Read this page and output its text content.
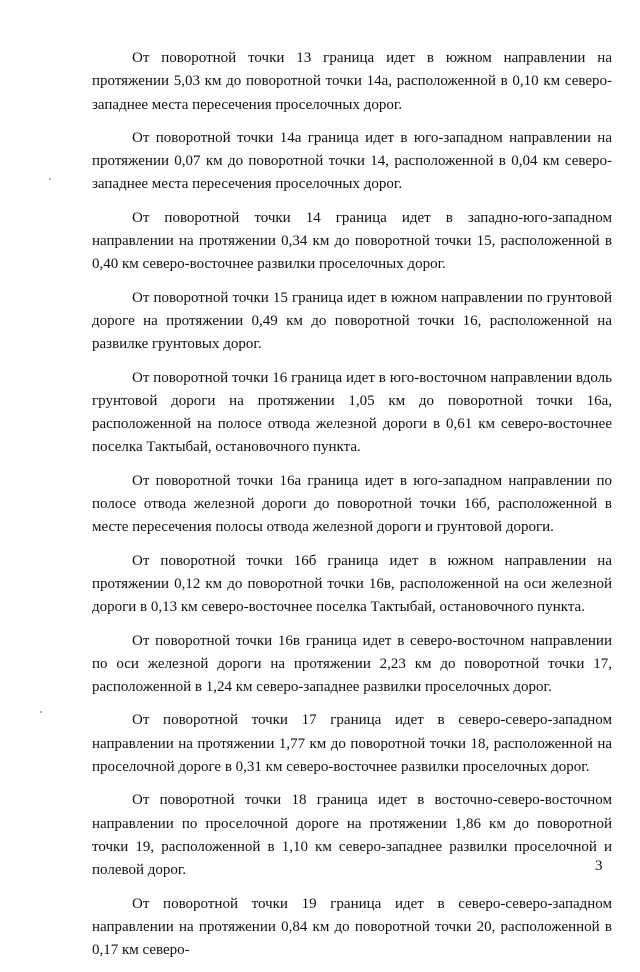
От поворотной точки 13 граница идет в южном направлении на протяжении 5,03 км до поворотной точки 14а, расположенной в 0,10 км северо-западнее места пересечения проселочных дорог.

От поворотной точки 14а граница идет в юго-западном направлении на протяжении 0,07 км до поворотной точки 14, расположенной в 0,04 км северо-западнее места пересечения проселочных дорог.

От поворотной точки 14 граница идет в западно-юго-западном направлении на протяжении 0,34 км до поворотной точки 15, расположенной в 0,40 км северо-восточнее развилки проселочных дорог.

От поворотной точки 15 граница идет в южном направлении по грунтовой дороге на протяжении 0,49 км до поворотной точки 16, расположенной на развилке грунтовых дорог.

От поворотной точки 16 граница идет в юго-восточном направлении вдоль грунтовой дороги на протяжении 1,05 км до поворотной точки 16а, расположенной на полосе отвода железной дороги в 0,61 км северо-восточнее поселка Тактыбай, остановочного пункта.

От поворотной точки 16а граница идет в юго-западном направлении по полосе отвода железной дороги до поворотной точки 16б, расположенной в месте пересечения полосы отвода железной дороги и грунтовой дороги.

От поворотной точки 16б граница идет в южном направлении на протяжении 0,12 км до поворотной точки 16в, расположенной на оси железной дороги в 0,13 км северо-восточнее поселка Тактыбай, остановочного пункта.

От поворотной точки 16в граница идет в северо-восточном направлении по оси железной дороги на протяжении 2,23 км до поворотной точки 17, расположенной в 1,24 км северо-западнее развилки проселочных дорог.

От поворотной точки 17 граница идет в северо-северо-западном направлении на протяжении 1,77 км до поворотной точки 18, расположенной на проселочной дороге в 0,31 км северо-восточнее развилки проселочных дорог.

От поворотной точки 18 граница идет в восточно-северо-восточном направлении по проселочной дороге на протяжении 1,86 км до поворотной точки 19, расположенной в 1,10 км северо-западнее развилки проселочной и полевой дорог.

От поворотной точки 19 граница идет в северо-северо-западном направлении на протяжении 0,84 км до поворотной точки 20, расположенной в 0,17 км северо-

3
